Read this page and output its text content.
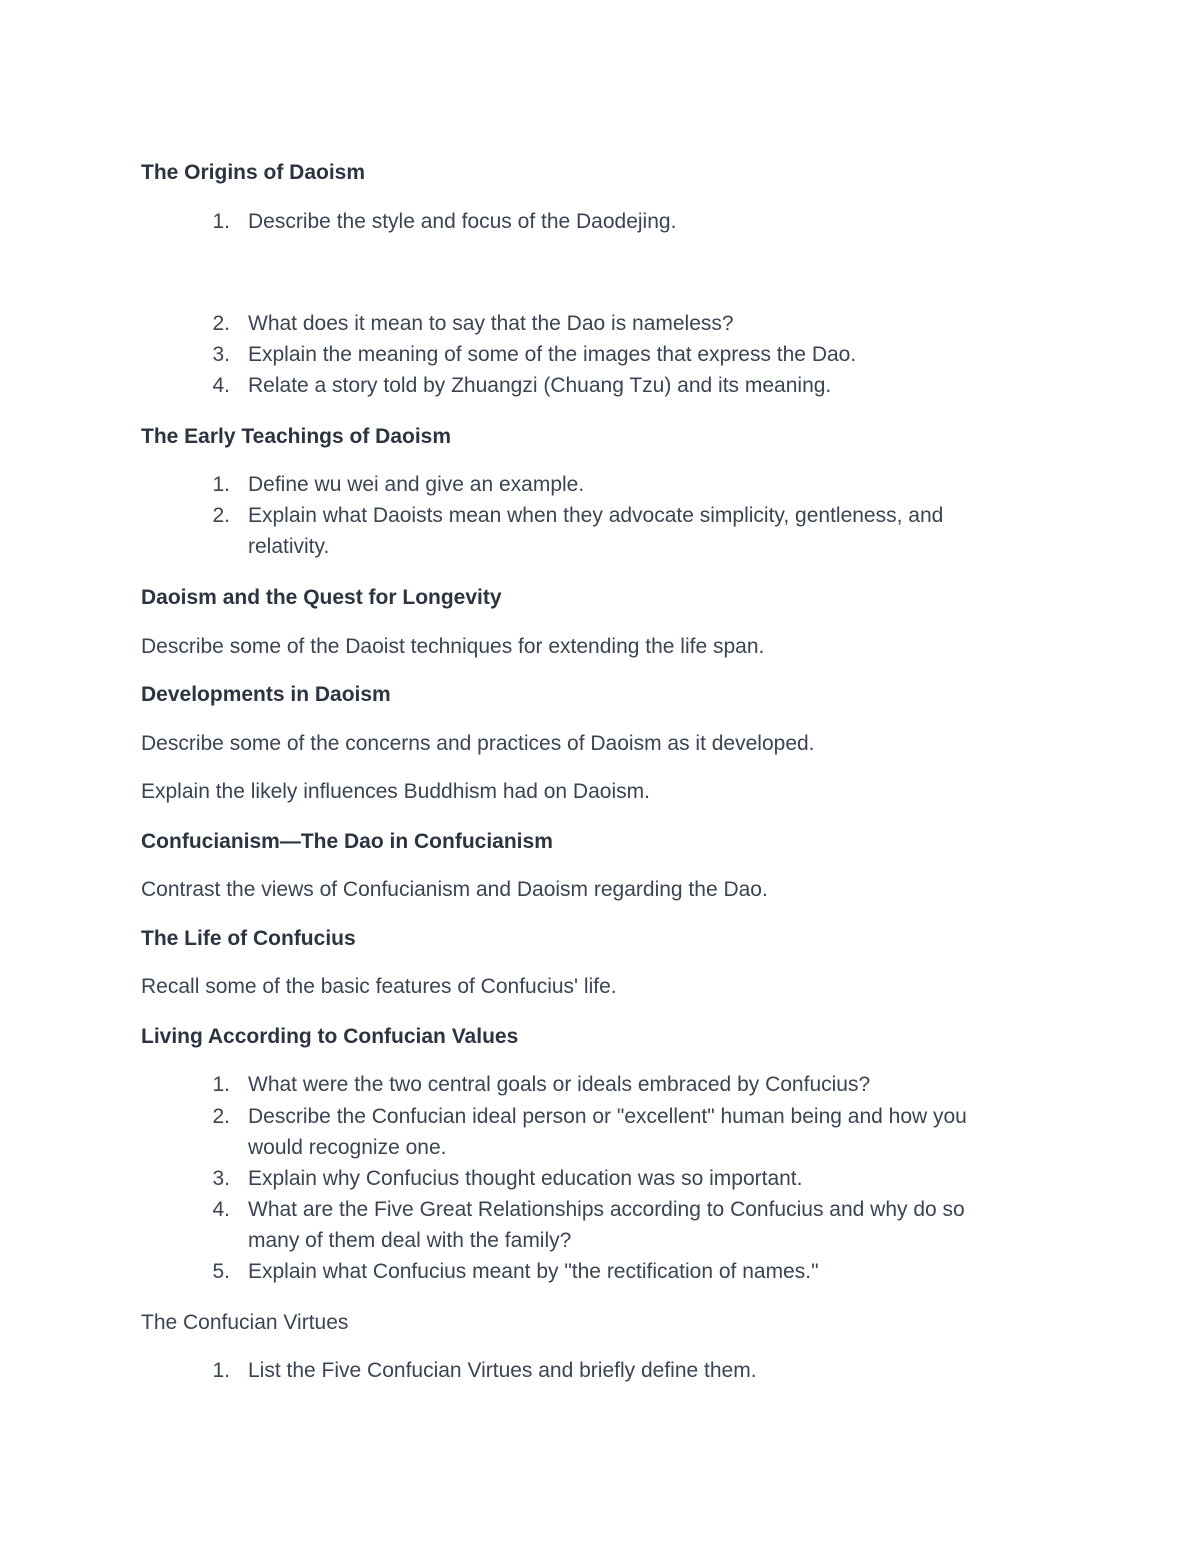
The Origins of Daoism
1. Describe the style and focus of the Daodejing.
2. What does it mean to say that the Dao is nameless?
3. Explain the meaning of some of the images that express the Dao.
4. Relate a story told by Zhuangzi (Chuang Tzu) and its meaning.
The Early Teachings of Daoism
1. Define wu wei and give an example.
2. Explain what Daoists mean when they advocate simplicity, gentleness, and
relativity.
Daoism and the Quest for Longevity
Describe some of the Daoist techniques for extending the life span.
Developments in Daoism
Describe some of the concerns and practices of Daoism as it developed.
Explain the likely influences Buddhism had on Daoism.
Confucianism—The Dao in Confucianism
Contrast the views of Confucianism and Daoism regarding the Dao.
The Life of Confucius
Recall some of the basic features of Confucius' life.
Living According to Confucian Values
1. What were the two central goals or ideals embraced by Confucius?
2. Describe the Confucian ideal person or "excellent" human being and how you
would recognize one.
3. Explain why Confucius thought education was so important.
4. What are the Five Great Relationships according to Confucius and why do so
many of them deal with the family?
5. Explain what Confucius meant by "the rectification of names."
The Confucian Virtues
1. List the Five Confucian Virtues and briefly define them.
